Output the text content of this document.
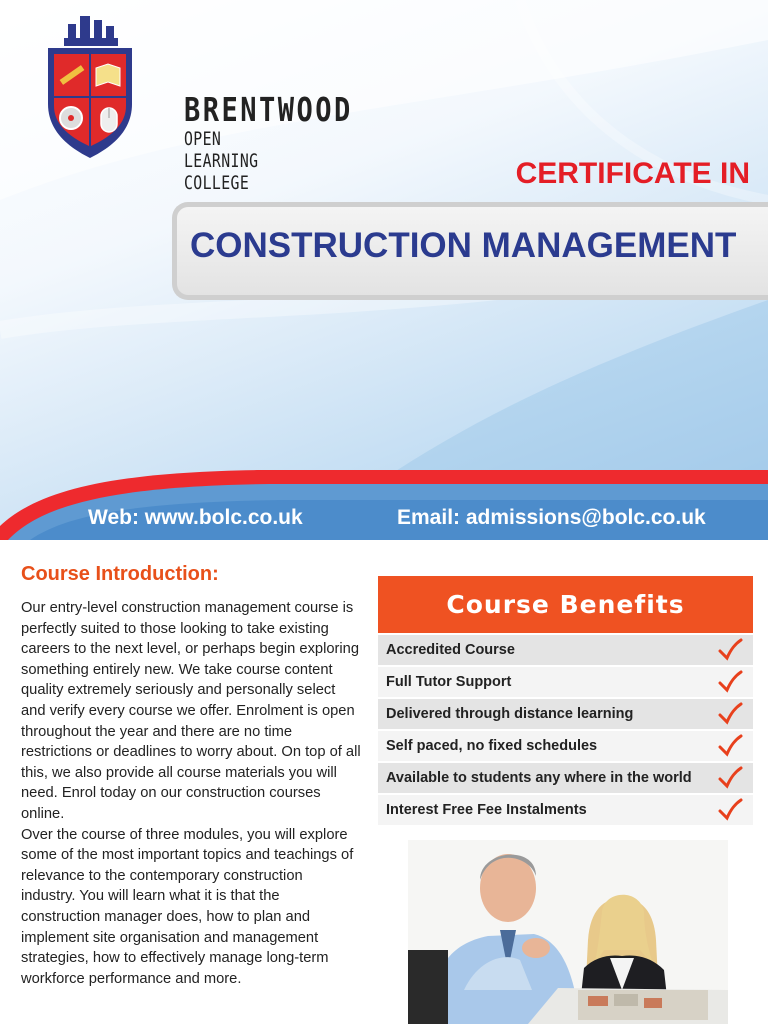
BRENTWOOD
OPEN LEARNING COLLEGE	CERTIFICATE IN
CONSTRUCTION MANAGEMENT
Web: www.bolc.co.uk	Email: admissions@bolc.co.uk
Course Introduction:

Our entry-level construction management course is perfectly suited to those looking to take existing careers to the next level, or perhaps begin exploring something entirely new. We take course content quality extremely seriously and personally select and verify every course we offer. Enrolment is open throughout the year and there are no time restrictions or deadlines to worry about. On top of all this, we also provide all course materials you will need. Enrol today on our construction courses online.

Over the course of three modules, you will explore some of the most important topics and teachings of relevance to the contemporary construction industry. You will learn what it is that the construction manager does, how to plan and implement site organisation and management strategies, how to effectively manage long-term workforce performance and more.

Course Benefits
Accredited Course
Full Tutor Support
Delivered through distance learning
Self paced, no fixed schedules
Available to students any where in the world
Interest Free Fee Instalments
